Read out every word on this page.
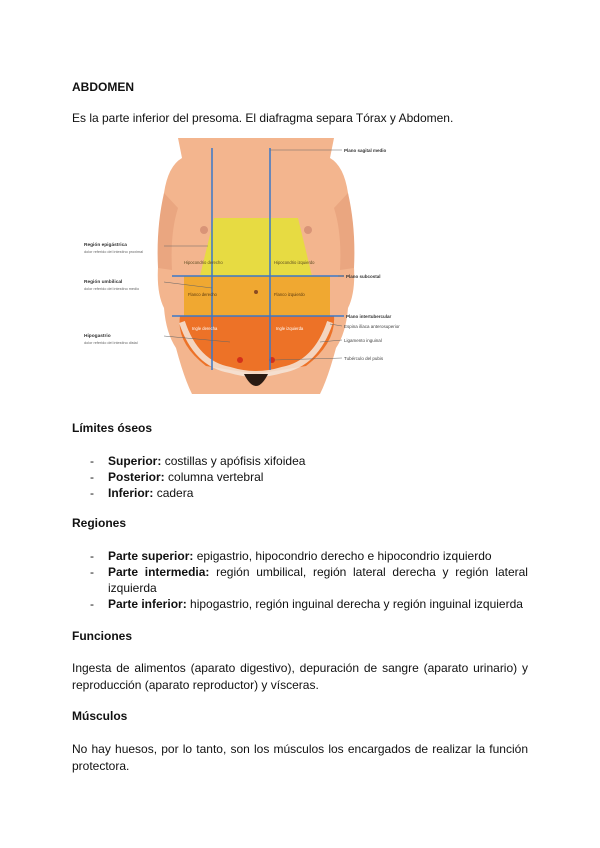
ABDOMEN
Es la parte inferior del presoma. El diafragma separa Tórax y Abdomen.
Plano sagital medio
Plano subcostal
Plano intertubercular
Espina ilíaca anterosuperior
Ligamento inguinal
Tubérculo del pubis
Región epigástrica
dolor referido del intestino proximal
Región umbilical
dolor referido del intestino medio
Hipogastrio
dolor referido del intestino distal
Hipocondrio derecho	Hipocondrio izquierdo
Flanco derecho	Flanco izquierdo
Ingle derecha	Ingle izquierda
Límites óseos
- Superior: costillas y apófisis xifoidea
- Posterior: columna vertebral
- Inferior: cadera
Regiones
- Parte superior: epigastrio, hipocondrio derecho e hipocondrio izquierdo
- Parte intermedia: región umbilical, región lateral derecha y región lateral izquierda
- Parte inferior: hipogastrio, región inguinal derecha y región inguinal izquierda
Funciones
Ingesta de alimentos (aparato digestivo), depuración de sangre (aparato urinario) y reproducción (aparato reproductor) y vísceras.
Músculos
No hay huesos, por lo tanto, son los músculos los encargados de realizar la función protectora.
